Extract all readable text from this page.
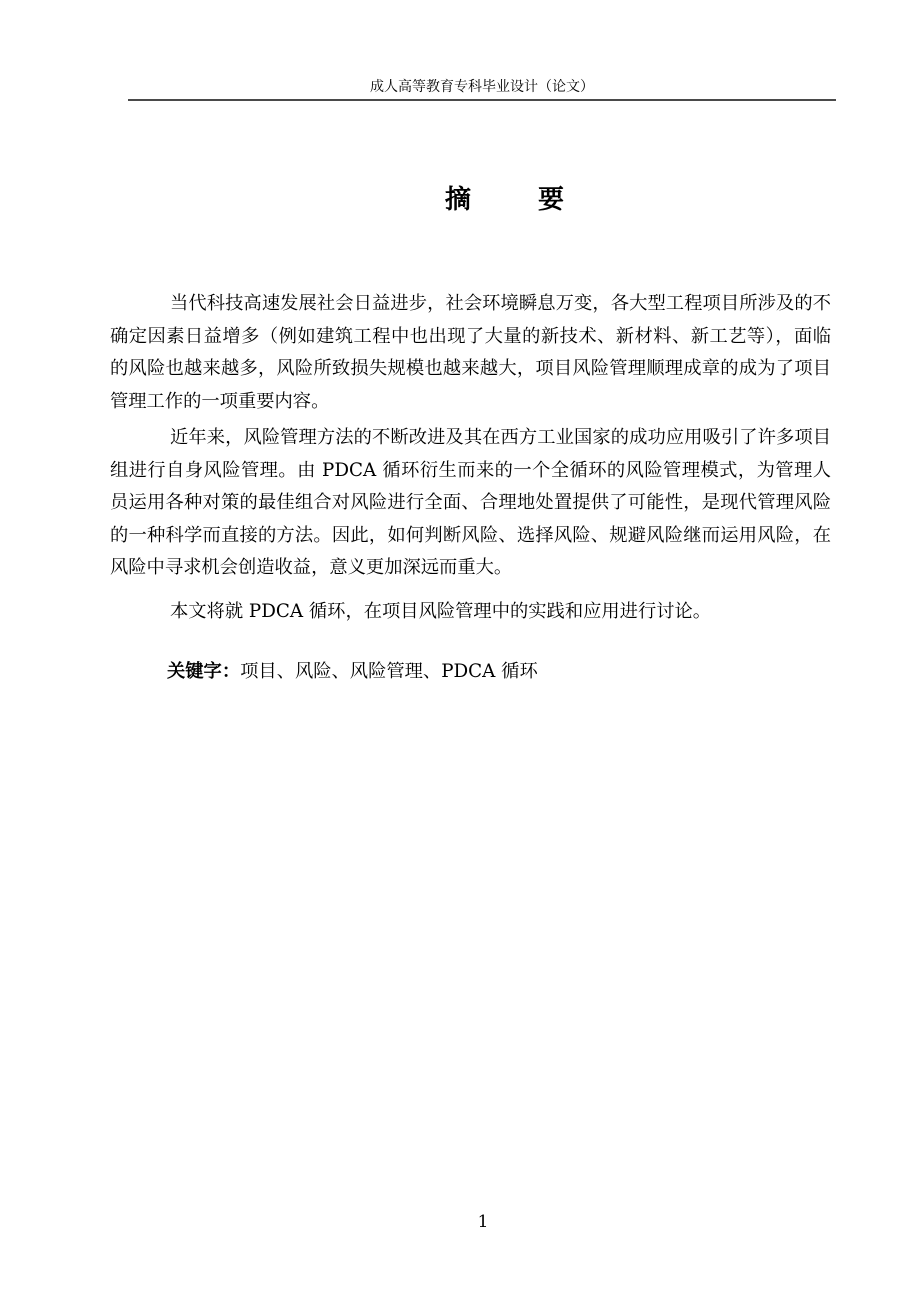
成人高等教育专科毕业设计（论文）
摘　　要

当代科技高速发展社会日益进步，社会环境瞬息万变，各大型工程项目所涉及的不确定因素日益增多（例如建筑工程中也出现了大量的新技术、新材料、新工艺等），面临的风险也越来越多，风险所致损失规模也越来越大，项目风险管理顺理成章的成为了项目管理工作的一项重要内容。

近年来，风险管理方法的不断改进及其在西方工业国家的成功应用吸引了许多项目组进行自身风险管理。由 PDCA 循环衍生而来的一个全循环的风险管理模式，为管理人员运用各种对策的最佳组合对风险进行全面、合理地处置提供了可能性，是现代管理风险的一种科学而直接的方法。因此，如何判断风险、选择风险、规避风险继而运用风险，在风险中寻求机会创造收益，意义更加深远而重大。

本文将就 PDCA 循环，在项目风险管理中的实践和应用进行讨论。

关键字：项目、风险、风险管理、PDCA 循环
1
